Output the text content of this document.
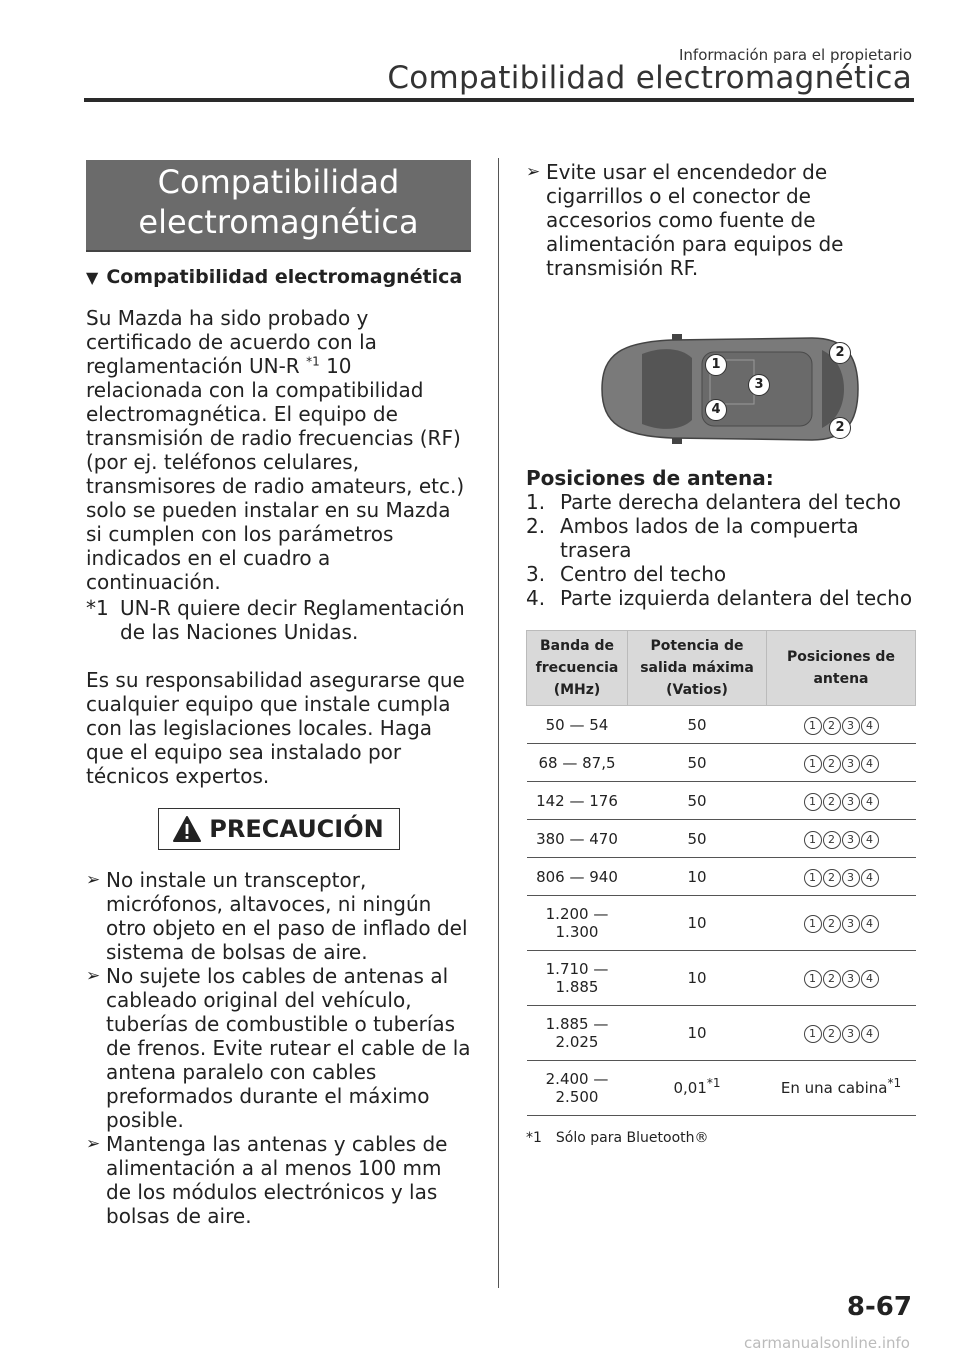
Información para el propietario
Compatibilidad electromagnética
Compatibilidad
electromagnética
▼ Compatibilidad electromagnética

Su Mazda ha sido probado y certificado de acuerdo con la reglamentación UN-R $^{*1}$ 10 relacionada con la compatibilidad electromagnética. El equipo de transmisión de radio frecuencias (RF) (por ej. teléfonos celulares, transmisores de radio amateurs, etc.) solo se pueden instalar en su Mazda si cumplen con los parámetros indicados en el cuadro a continuación.

*1 UN-R quiere decir Reglamentación de las Naciones Unidas.

Es su responsabilidad asegurarse que cualquier equipo que instale cumpla con las legislaciones locales. Haga que el equipo sea instalado por técnicos expertos.

PRECAUCIÓN
➢ No instale un transceptor, micrófonos, altavoces, ni ningún otro objeto en el paso de inflado del sistema de bolsas de aire.
➢ No sujete los cables de antenas al cableado original del vehículo, tuberías de combustible o tuberías de frenos. Evite rutear el cable de la antena paralelo con cables preformados durante el máximo posible.
➢ Mantenga las antenas y cables de alimentación a al menos 100 mm de los módulos electrónicos y las bolsas de aire.
➢ Evite usar el encendedor de cigarrillos o el conector de accesorios como fuente de alimentación para equipos de transmisión RF.
1
2
3
4
2
Posiciones de antena:
1. Parte derecha delantera del techo
2. Ambos lados de la compuerta trasera
3. Centro del techo
4. Parte izquierda delantera del techo
Banda de frecuencia (MHz)	Potencia de salida máxima (Vatios)	Posiciones de antena
50 — 54	50	1 2 3 4

68 — 87,5	50	1 2 3 4

142 — 176	50	1 2 3 4

380 — 470	50	1 2 3 4

806 — 940	10	1 2 3 4

1.200 — 1.300	10	1 2 3 4

1.710 — 1.885	10	1 2 3 4

1.885 — 2.025	10	1 2 3 4

2.400 — 2.500	0,01$^{*1}$	En una cabina$^{*1}$
*1 Sólo para Bluetooth®
8-67
carmanualsonline.info
